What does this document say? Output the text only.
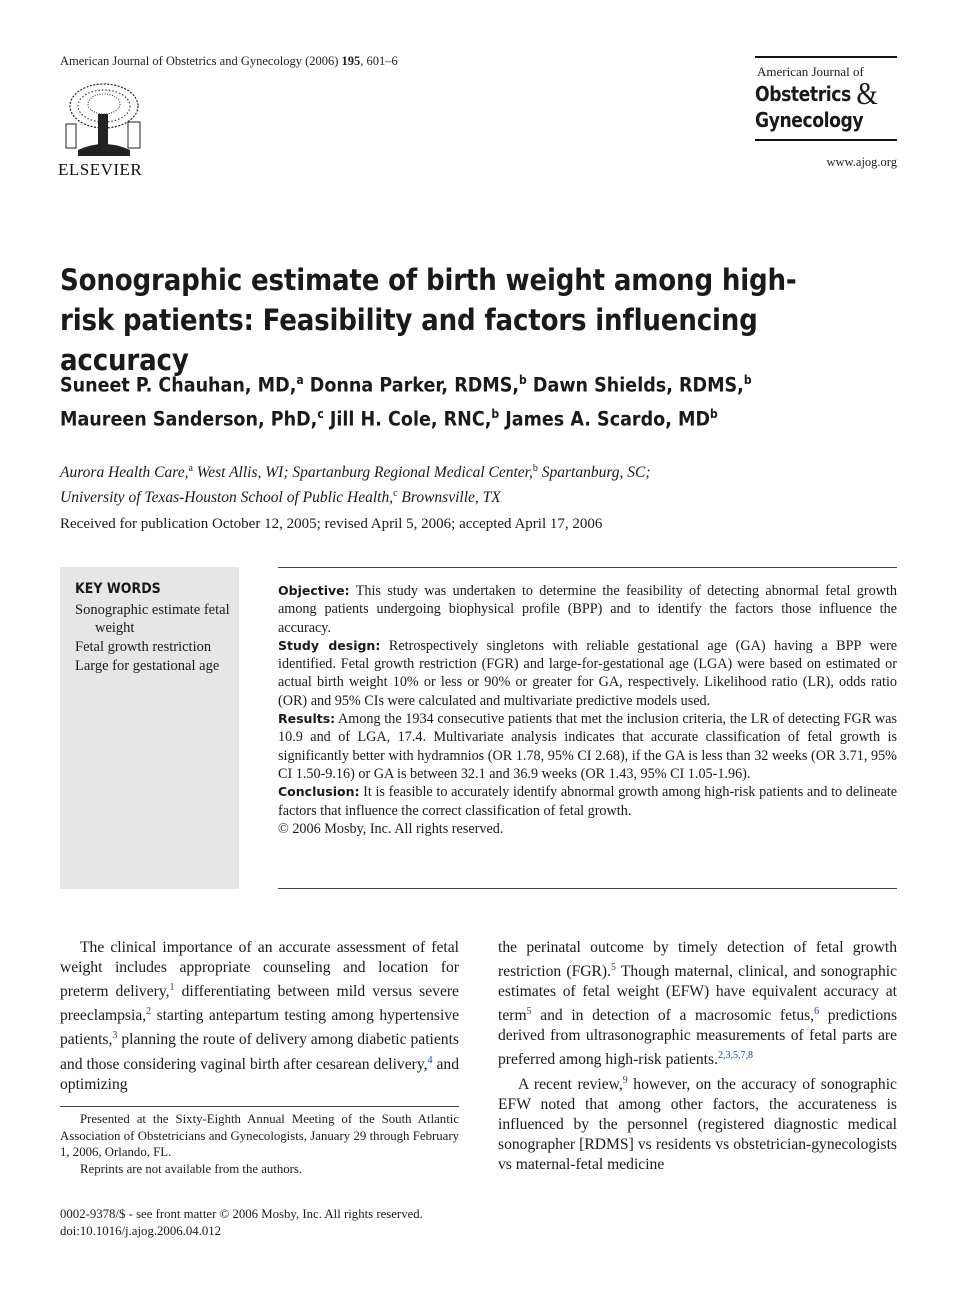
American Journal of Obstetrics and Gynecology (2006) 195, 601–6
ELSEVIER
American Journal of
Obstetrics &
Gynecology
www.ajog.org
Sonographic estimate of birth weight among high-risk patients: Feasibility and factors influencing accuracy
Suneet P. Chauhan, MD,$^a$ Donna Parker, RDMS,$^b$ Dawn Shields, RDMS,$^b$
Maureen Sanderson, PhD,$^c$ Jill H. Cole, RNC,$^b$ James A. Scardo, $MD^b$
Aurora Health Care,$^a$ West Allis, WI; Spartanburg Regional Medical Center,$^b$ Spartanburg, SC;
University of Texas-Houston School of Public Health,$^c$ Brownsville, TX
Received for publication October 12, 2005; revised April 5, 2006; accepted April 17, 2006
KEY WORDS
Sonographic estimate fetal weight
Fetal growth restriction
Large for gestational age

Objective: This study was undertaken to determine the feasibility of detecting abnormal fetal growth among patients undergoing biophysical profile (BPP) and to identify the factors those influence the accuracy.

Study design: Retrospectively singletons with reliable gestational age (GA) having a BPP were identified. Fetal growth restriction (FGR) and large-for-gestational age (LGA) were based on estimated or actual birth weight 10% or less or 90% or greater for GA, respectively. Likelihood ratio (LR), odds ratio (OR) and 95% CIs were calculated and multivariate predictive models used.

Results: Among the 1934 consecutive patients that met the inclusion criteria, the LR of detecting FGR was 10.9 and of LGA, 17.4. Multivariate analysis indicates that accurate classification of fetal growth is significantly better with hydramnios (OR 1.78, 95% CI 2.68), if the GA is less than 32 weeks (OR 3.71, 95% CI 1.50-9.16) or GA is between 32.1 and 36.9 weeks (OR 1.43, 95% CI 1.05-1.96).

Conclusion: It is feasible to accurately identify abnormal growth among high-risk patients and to delineate factors that influence the correct classification of fetal growth.

© 2006 Mosby, Inc. All rights reserved.

The clinical importance of an accurate assessment of fetal weight includes appropriate counseling and location for preterm delivery,$^1$ differentiating between mild versus severe preeclampsia,$^2$ starting antepartum testing among hypertensive patients,$^3$ planning the route of delivery among diabetic patients and those considering vaginal birth after cesarean delivery,$^4$ and optimizing

the perinatal outcome by timely detection of fetal growth restriction (FGR).$^5$ Though maternal, clinical, and sonographic estimates of fetal weight (EFW) have equivalent accuracy at term$^5$ and in detection of a macrosomic fetus,$^6$ predictions derived from ultrasonographic measurements of fetal parts are preferred among high-risk patients.$^{2,3,5,7,8}$

A recent review,$^9$ however, on the accuracy of sonographic EFW noted that among other factors, the accurateness is influenced by the personnel (registered diagnostic medical sonographer [RDMS] vs residents vs obstetrician-gynecologists vs maternal-fetal medicine

Presented at the Sixty-Eighth Annual Meeting of the South Atlantic Association of Obstetricians and Gynecologists, January 29 through February 1, 2006, Orlando, FL.

Reprints are not available from the authors.

0002-9378/$ - see front matter © 2006 Mosby, Inc. All rights reserved.
doi:10.1016/j.ajog.2006.04.012
